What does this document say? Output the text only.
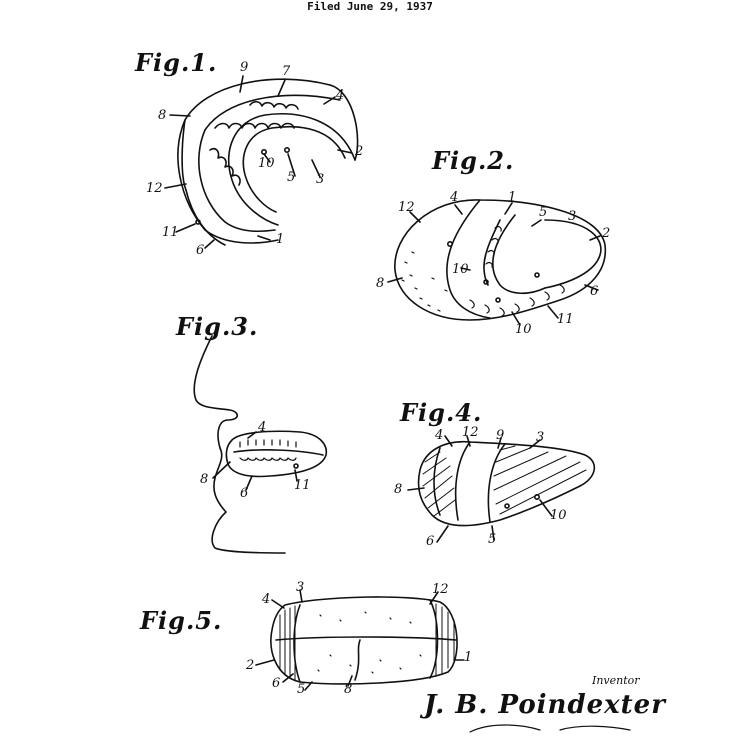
Filed June 29, 1937
Fig.1.
Fig.2.
Fig.3.
Fig.4.
Fig.5.
9	7
4
8
2
10
5 3
12
11
6
1
4	1
5 3
12
2
8
10
6
11
10
4
8
6
11
12 9
4	3
8
10
6	5
3	12
4
2
1
6 5	8
Inventor
J. B. Poindexter
